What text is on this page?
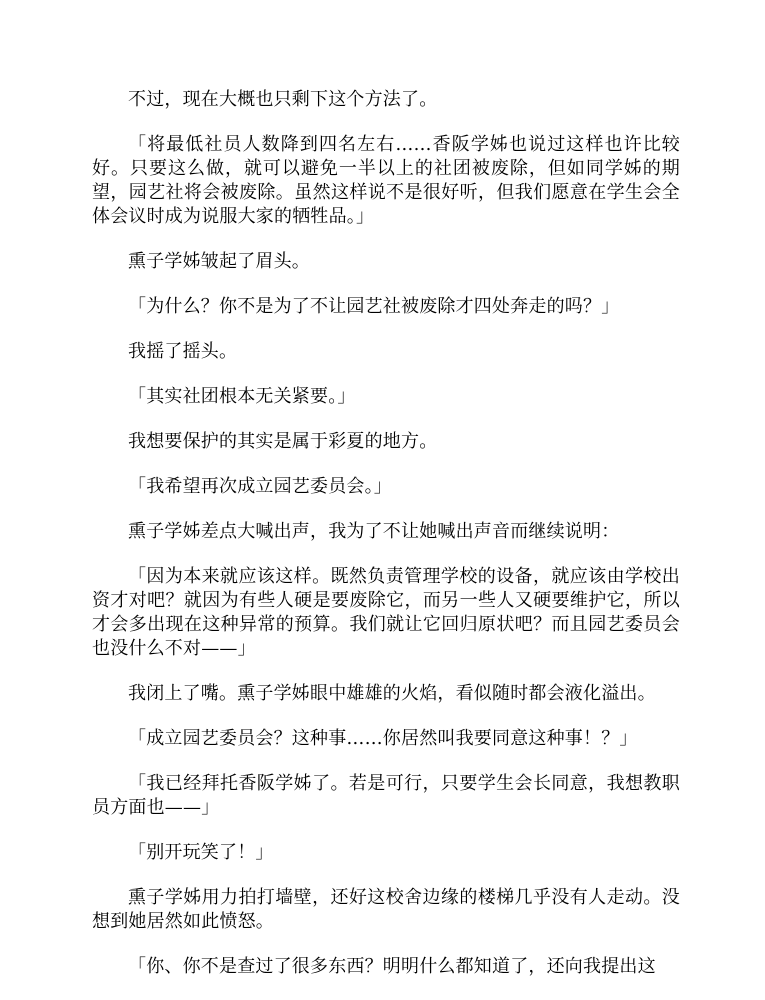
不过，现在大概也只剩下这个方法了。

「将最低社员人数降到四名左右……香阪学姊也说过这样也许比较好。只要这么做，就可以避免一半以上的社团被废除，但如同学姊的期望，园艺社将会被废除。虽然这样说不是很好听，但我们愿意在学生会全体会议时成为说服大家的牺牲品。」

熏子学姊皱起了眉头。

「为什么？你不是为了不让园艺社被废除才四处奔走的吗？」

我摇了摇头。

「其实社团根本无关紧要。」

我想要保护的其实是属于彩夏的地方。

「我希望再次成立园艺委员会。」

熏子学姊差点大喊出声，我为了不让她喊出声音而继续说明：

「因为本来就应该这样。既然负责管理学校的设备，就应该由学校出资才对吧？就因为有些人硬是要废除它，而另一些人又硬要维护它，所以才会多出现在这种异常的预算。我们就让它回归原状吧？而且园艺委员会也没什么不对——」

我闭上了嘴。熏子学姊眼中雄雄的火焰，看似随时都会液化溢出。

「成立园艺委员会？这种事……你居然叫我要同意这种事！？」

「我已经拜托香阪学姊了。若是可行，只要学生会长同意，我想教职员方面也——」

「别开玩笑了！」

熏子学姊用力拍打墙壁，还好这校舍边缘的楼梯几乎没有人走动。没想到她居然如此愤怒。

「你、你不是查过了很多东西？明明什么都知道了，还向我提出这
